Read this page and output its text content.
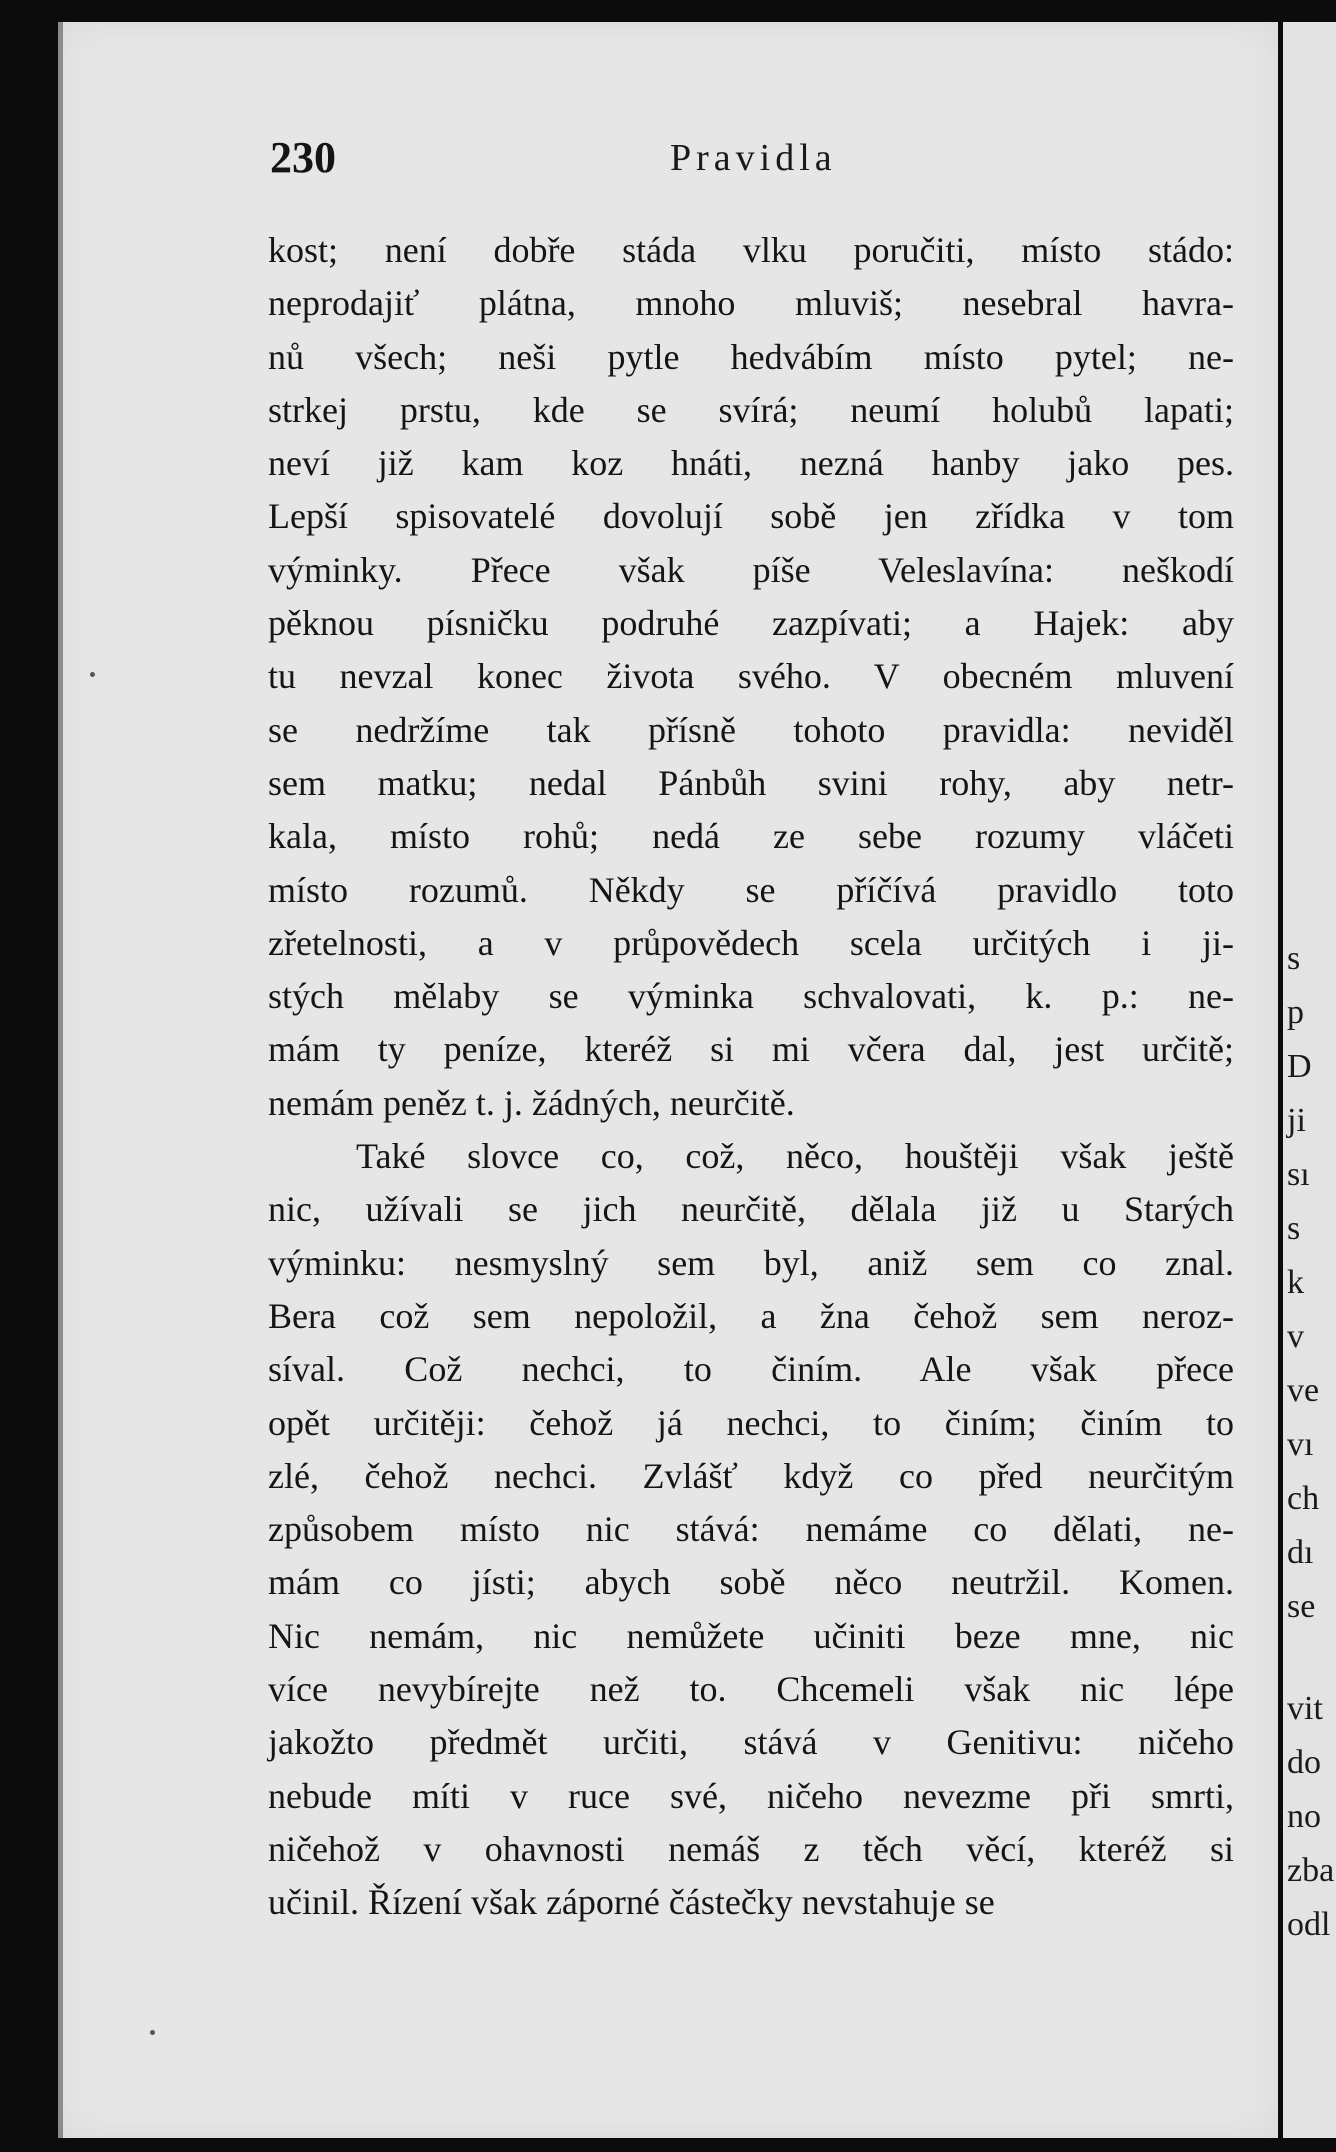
230	Pravidla
kost; není dobře stáda vlku poručiti, místo stádo:
neprodajiť plátna, mnoho mluviš; nesebral havra-
nů všech; neši pytle hedvábím místo pytel; ne-
strkej prstu, kde se svírá; neumí holubů lapati;
neví již kam koz hnáti, nezná hanby jako pes.
Lepší spisovatelé dovolují sobě jen zřídka v tom
výminky. Přece však píše Veleslavína: neškodí
pěknou písničku podruhé zazpívati; a Hajek: aby
tu nevzal konec života svého. V obecném mluvení
se nedržíme tak přísně tohoto pravidla: neviděl
sem matku; nedal Pánbůh svini rohy, aby netr-
kala, místo rohů; nedá ze sebe rozumy vláčeti
místo rozumů. Někdy se příčívá pravidlo toto
zřetelnosti, a v průpovědech scela určitých i ji-
stých mělaby se výminka schvalovati, k. p.: ne-
mám ty peníze, kteréž si mi včera dal, jest určitě;
nemám peněz t. j. žádných, neurčitě.
Také slovce co, což, něco, houštěji však ještě
nic, užívali se jich neurčitě, dělala již u Starých
výminku: nesmyslný sem byl, aniž sem co znal.
Bera což sem nepoložil, a žna čehož sem neroz-
síval. Což nechci, to činím. Ale však přece
opět určitěji: čehož já nechci, to činím; činím to
zlé, čehož nechci. Zvlášť když co před neurčitým
způsobem místo nic stává: nemáme co dělati, ne-
mám co jísti; abych sobě něco neutržil. Komen.
Nic nemám, nic nemůžete učiniti beze mne, nic
více nevybírejte než to. Chcemeli však nic lépe
jakožto předmět určiti, stává v Genitivu: ničeho
nebude míti v ruce své, ničeho nevezme při smrti,
ničehož v ohavnosti nemáš z těch věcí, kteréž si
učinil. Řízení však záporné částečky nevstahuje se
s
p
D
ji
sı
s
k
v
ve
vı
ch
dı
se
vit
do
no
zba
odl
